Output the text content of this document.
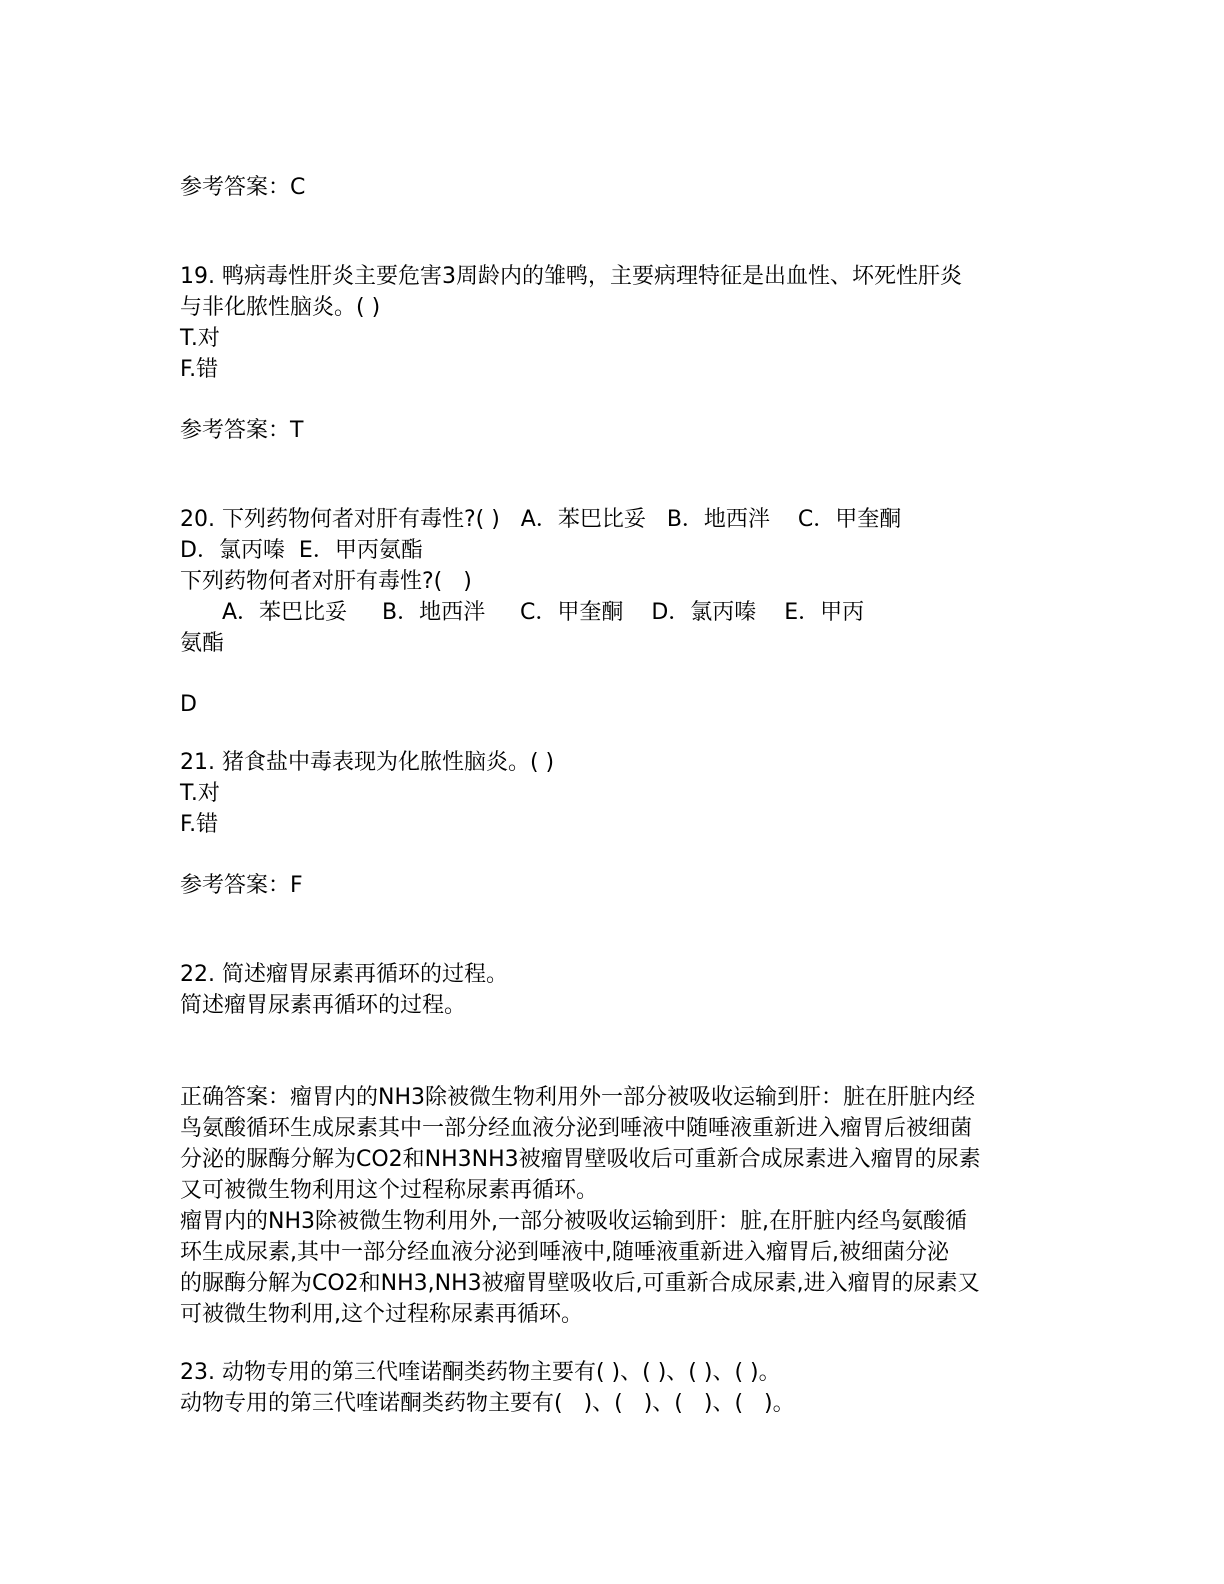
参考答案：C

19. 鸭病毒性肝炎主要危害3周龄内的雏鸭，主要病理特征是出血性、坏死性肝炎

与非化脓性脑炎。( )

T.对

F.错

参考答案：T

20. 下列药物何者对肝有毒性?( )   A．苯巴比妥   B．地西泮    C．甲奎酮

D．氯丙嗪  E．甲丙氨酯

下列药物何者对肝有毒性?(   )

A．苯巴比妥     B．地西泮     C．甲奎酮    D．氯丙嗪    E．甲丙

氨酯

D

21. 猪食盐中毒表现为化脓性脑炎。( )

T.对

F.错

参考答案：F

22. 简述瘤胃尿素再循环的过程。

简述瘤胃尿素再循环的过程。

正确答案：瘤胃内的NH3除被微生物利用外一部分被吸收运输到肝：脏在肝脏内经

鸟氨酸循环生成尿素其中一部分经血液分泌到唾液中随唾液重新进入瘤胃后被细菌

分泌的脲酶分解为CO2和NH3NH3被瘤胃壁吸收后可重新合成尿素进入瘤胃的尿素

又可被微生物利用这个过程称尿素再循环。

瘤胃内的NH3除被微生物利用外,一部分被吸收运输到肝：脏,在肝脏内经鸟氨酸循

环生成尿素,其中一部分经血液分泌到唾液中,随唾液重新进入瘤胃后,被细菌分泌

的脲酶分解为CO2和NH3,NH3被瘤胃壁吸收后,可重新合成尿素,进入瘤胃的尿素又

可被微生物利用,这个过程称尿素再循环。

23. 动物专用的第三代喹诺酮类药物主要有( )、( )、( )、( )。

动物专用的第三代喹诺酮类药物主要有(   )、(   )、(   )、(   )。
